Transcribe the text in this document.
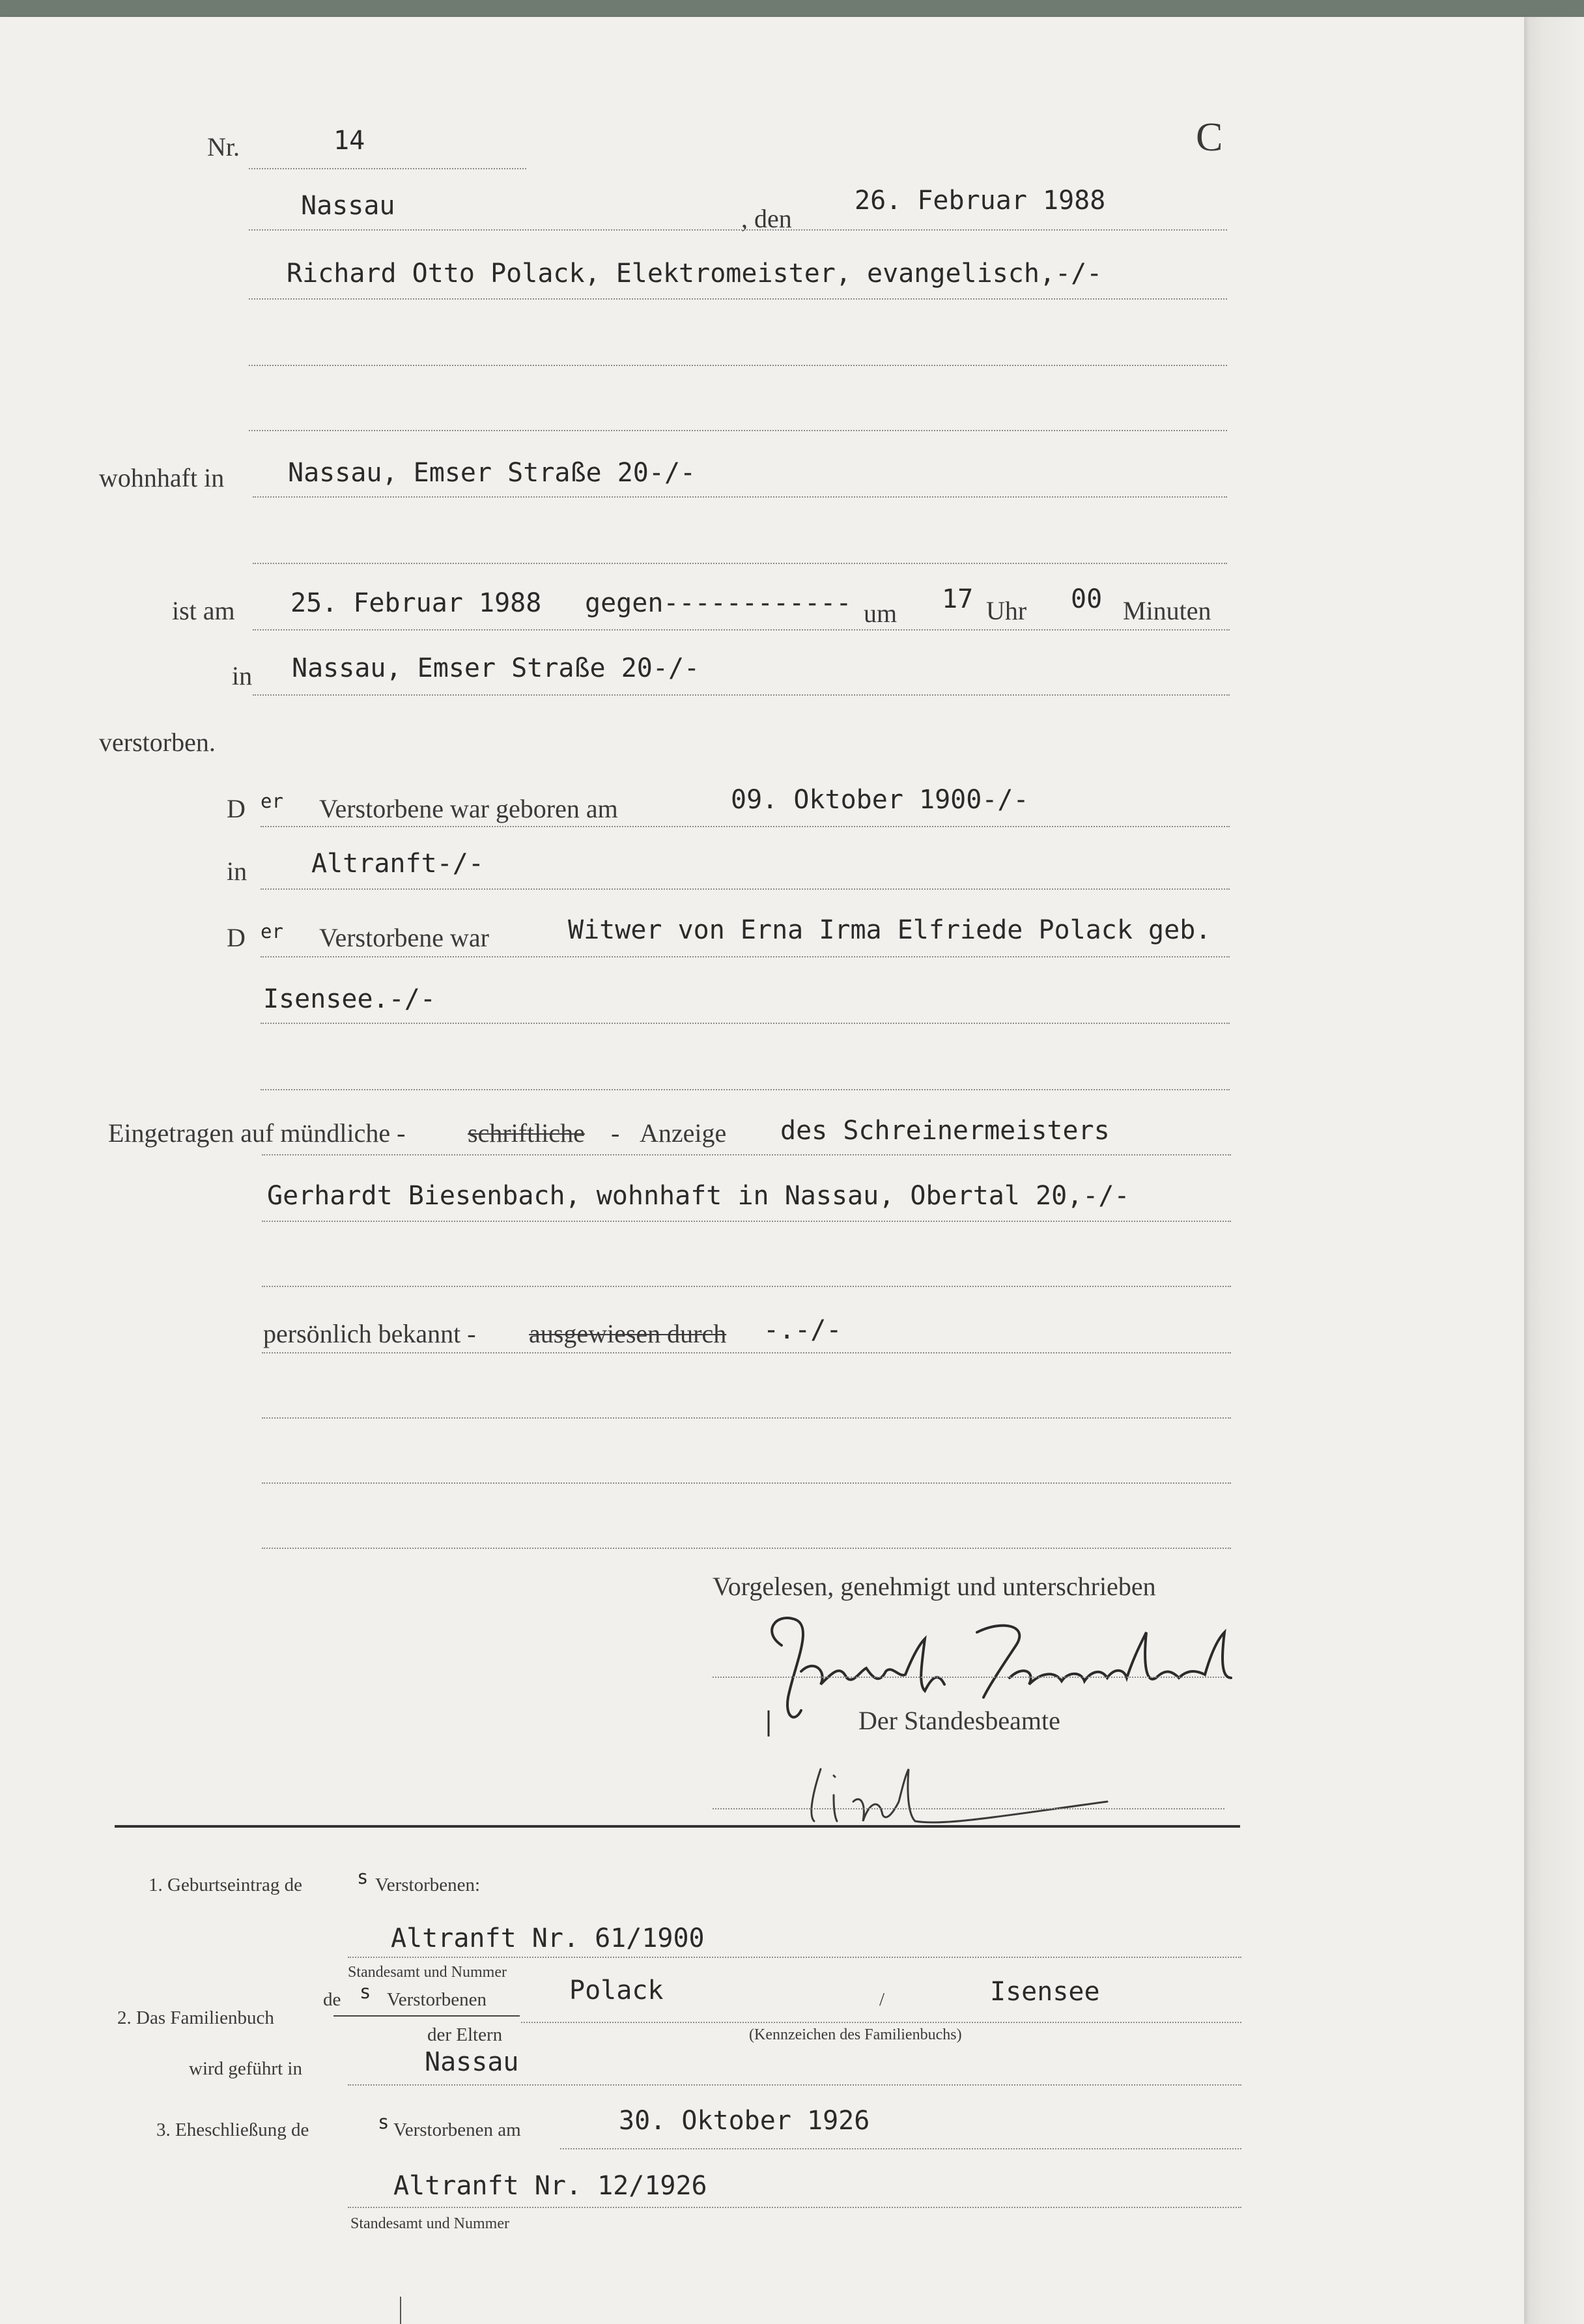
Nr.	14	C
Nassau	, den
26. Februar 1988
Richard Otto Polack, Elektromeister, evangelisch,-/-
wohnhaft in Nassau, Emser Straße 20-/-
ist am 25. Februar 1988 gegen------------ um 17 Uhr 00 Minuten
in Nassau, Emser Straße 20-/-
verstorben.
D er Verstorbene war geboren am	09. Oktober 1900-/-
in Altranft-/-
D er Verstorbene war	Witwer von Erna Irma Elfriede Polack geb.
Isensee.-/-
Eingetragen auf mündliche - schriftliche - Anzeige des Schreinermeisters
Gerhardt Biesenbach, wohnhaft in Nassau, Obertal 20,-/-
persönlich bekannt - ausgewiesen durch -.-/-
Vorgelesen, genehmigt und unterschrieben
Der Standesbeamte
1. Geburtseintrag de	s Verstorbenen:
Altranft Nr. 61/1900
Standesamt und Nummer
2. Das Familienbuch
de s Verstorbenen
der Eltern
Polack	/	Isensee
(Kennzeichen des Familienbuchs)
wird geführt in	Nassau
3. Eheschließung de	s Verstorbenen am	30. Oktober 1926
Altranft Nr. 12/1926
Standesamt und Nummer
